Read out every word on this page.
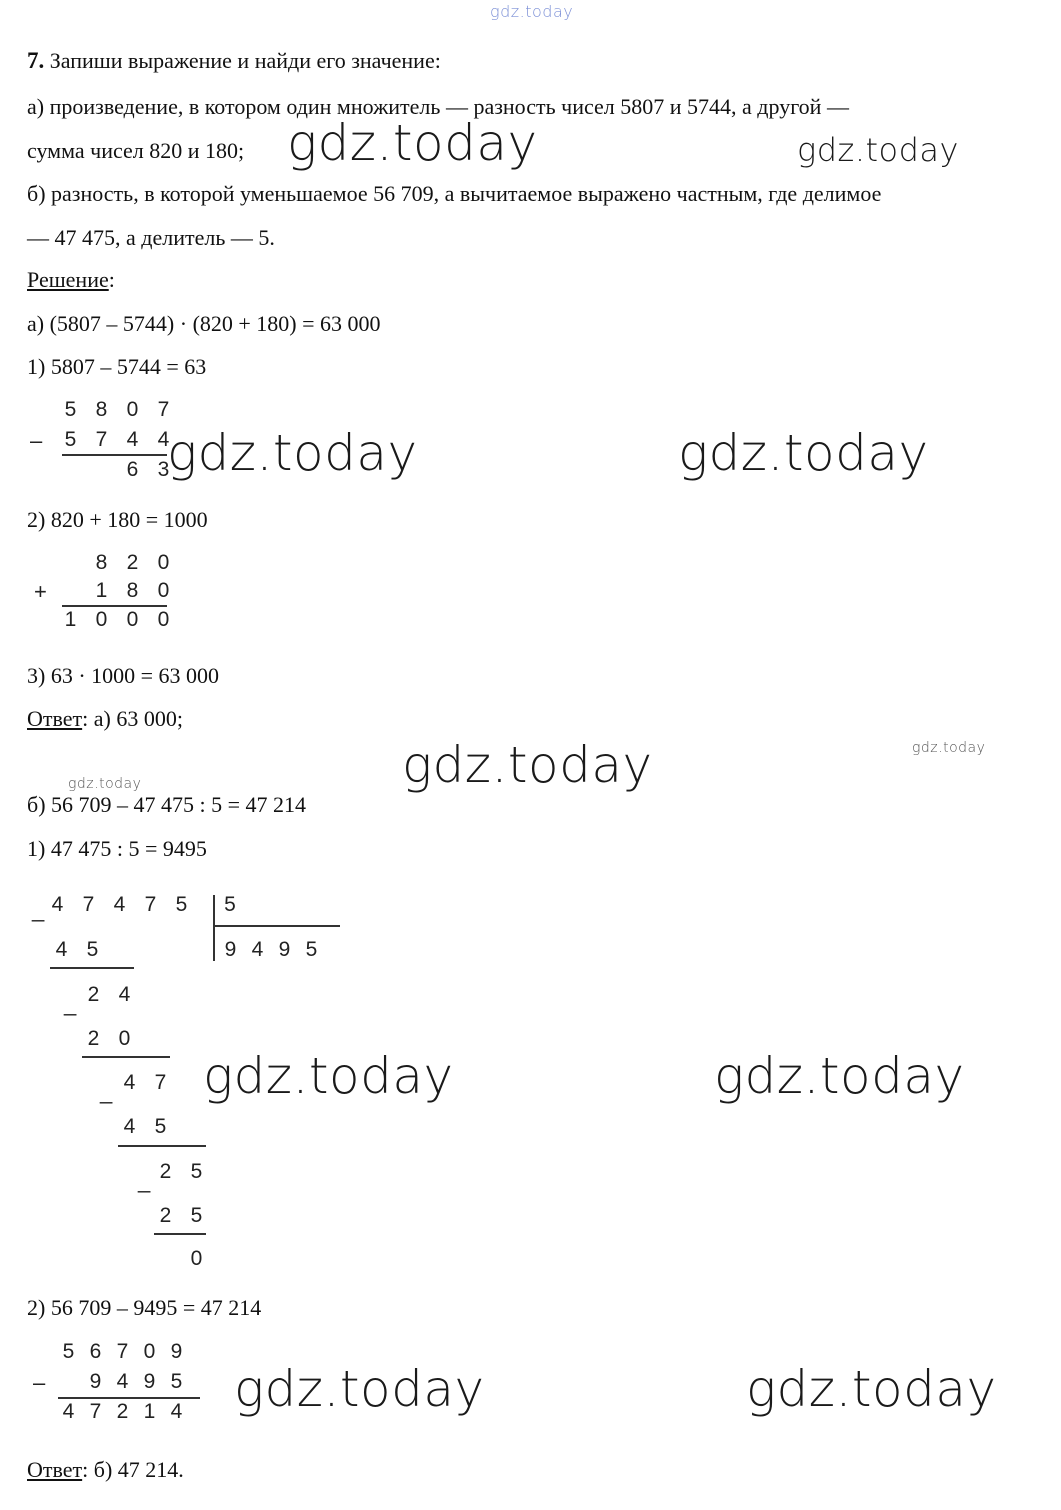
gdz.today
7. Запиши выражение и найди его значение:
а) произведение, в котором один множитель — разность чисел 5807 и 5744, а другой —
сумма чисел 820 и 180;
б) разность, в которой уменьшаемое 56 709, а вычитаемое выражено частным, где делимое
— 47 475, а делитель — 5.
Решение:
а) (5807 – 5744) · (820 + 180) = 63 000
1) 5807 – 5744 = 63
–
5 8 0 7
5 7 4 4
6 3
2) 820 + 180 = 1000
+
8 2 0
1 8 0
1 0 0 0
3) 63 · 1000 = 63 000
Ответ: а) 63 000;
б) 56 709 – 47 475 : 5 = 47 214
1) 47 475 : 5 = 9495
_ 4 7 4 7 5	5
9 4 9 5
4 5
_ 2 4
2 0
_ 4 7
4 5
_ 2 5
2 5
0
2) 56 709 – 9495 = 47 214
–
5 6 7 0 9
9 4 9 5
4 7 2 1 4
Ответ: б) 47 214.
gdz.today	gdz.today
gdz.today	gdz.today
gdz.today	gdz.today
gdz.today
gdz.today	gdz.today
gdz.today	gdz.today
